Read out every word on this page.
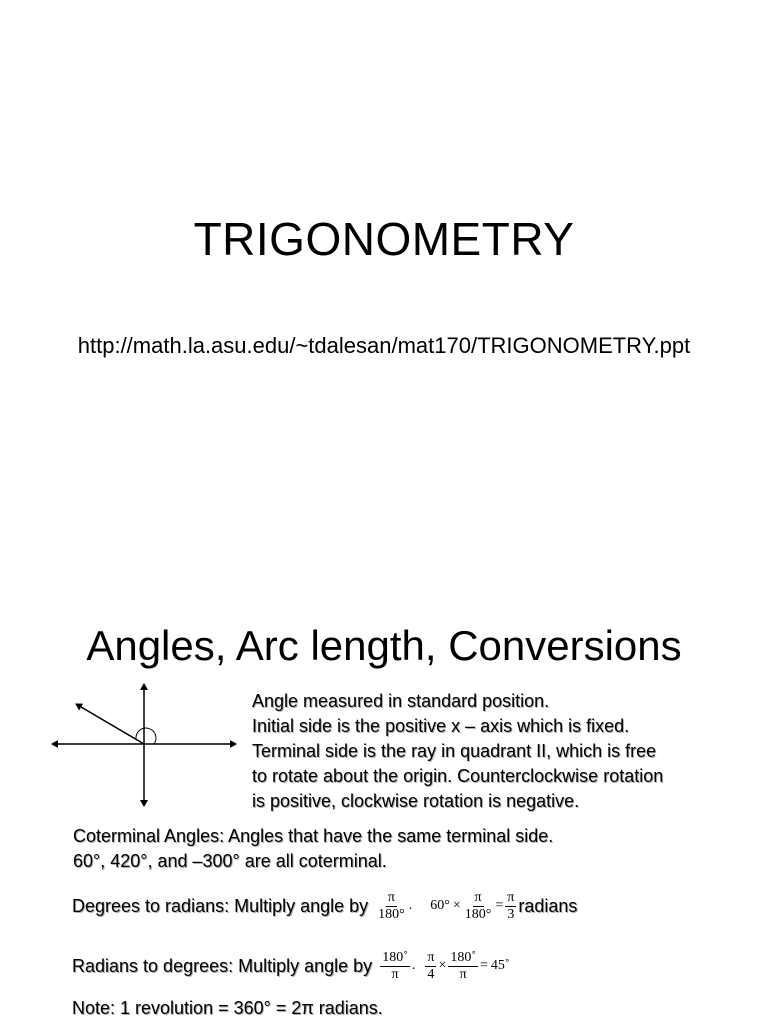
TRIGONOMETRY
http://math.la.asu.edu/~tdalesan/mat170/TRIGONOMETRY.ppt
Angles, Arc length, Conversions
Angle measured in standard position.
Initial side is the positive x – axis which is fixed.
Terminal side is the ray in quadrant II, which is free
to rotate about the origin. Counterclockwise rotation
is positive, clockwise rotation is negative.
Coterminal Angles: Angles that have the same terminal side.
60°, 420°, and –300° are all coterminal.
Degrees to radians: Multiply angle by $\frac{\pi}{180^\circ}$ . $60^\circ \times \frac{\pi}{180^\circ} = \frac{\pi}{3}$ radians
Radians to degrees: Multiply angle by $\frac{180˚}{\pi}$ . $\frac{\pi}{4} \times \frac{180˚}{\pi}$ = 45˚
Note: 1 revolution = 360° = 2π radians.
